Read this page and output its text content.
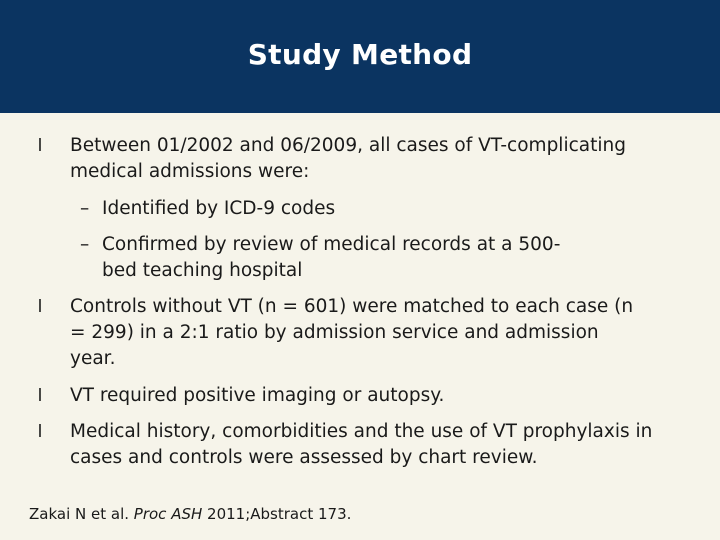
Study Method
l Between 01/2002 and 06/2009, all cases of VT-complicating medical admissions were:
– Identified by ICD-9 codes
– Confirmed by review of medical records at a 500-bed teaching hospital
l Controls without VT (n = 601) were matched to each case (n = 299) in a 2:1 ratio by admission service and admission year.
l VT required positive imaging or autopsy.
l Medical history, comorbidities and the use of VT prophylaxis in cases and controls were assessed by chart review.
Zakai N et al. Proc ASH 2011;Abstract 173.
